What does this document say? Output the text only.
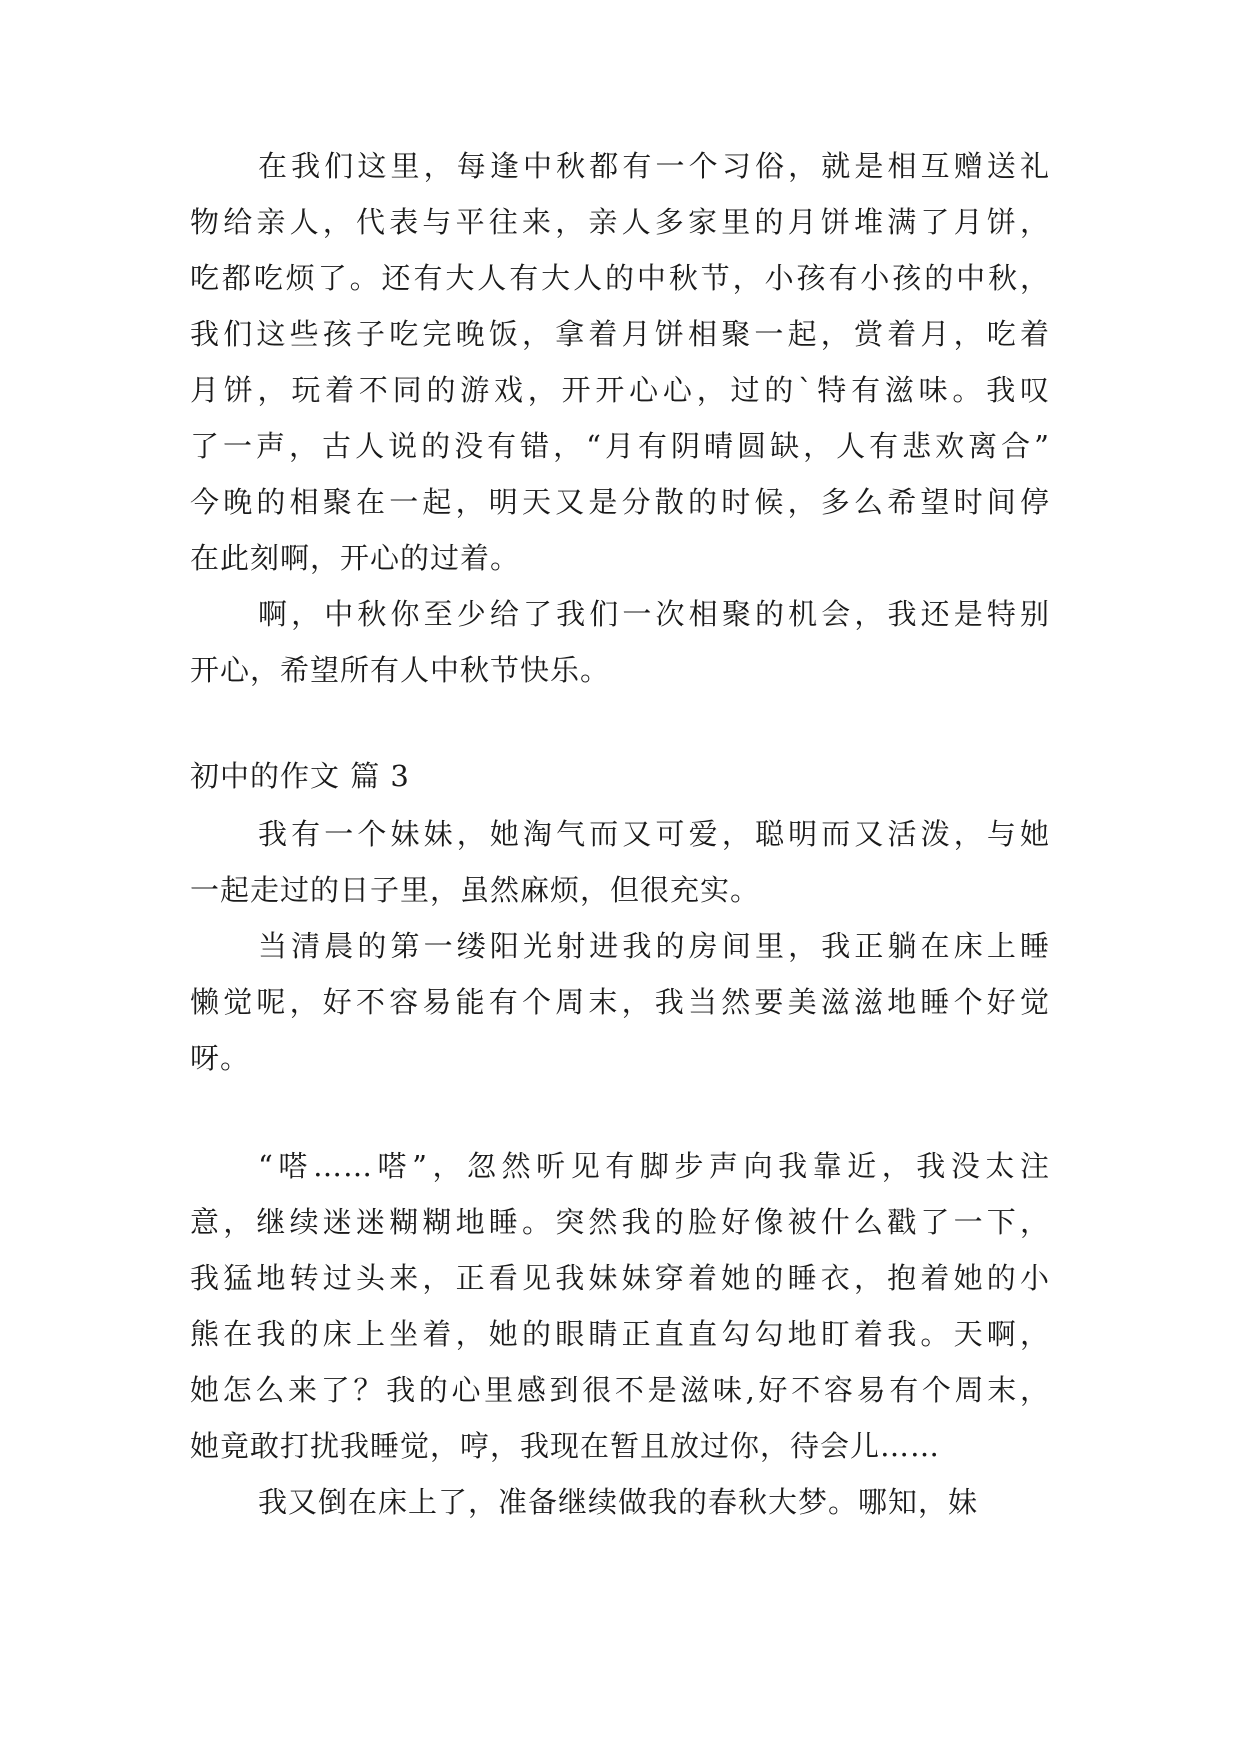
在我们这里，每逢中秋都有一个习俗，就是相互赠送礼
物给亲人，代表与平往来，亲人多家里的月饼堆满了月饼，
吃都吃烦了。还有大人有大人的中秋节，小孩有小孩的中秋，
我们这些孩子吃完晚饭，拿着月饼相聚一起，赏着月，吃着
月饼，玩着不同的游戏，开开心心，过的`特有滋味。我叹
了一声，古人说的没有错，“月有阴晴圆缺，人有悲欢离合”
今晚的相聚在一起，明天又是分散的时候，多么希望时间停
在此刻啊，开心的过着。
啊，中秋你至少给了我们一次相聚的机会，我还是特别
开心，希望所有人中秋节快乐。
初中的作文 篇 3
我有一个妹妹，她淘气而又可爱，聪明而又活泼，与她
一起走过的日子里，虽然麻烦，但很充实。
当清晨的第一缕阳光射进我的房间里，我正躺在床上睡
懒觉呢，好不容易能有个周末，我当然要美滋滋地睡个好觉
呀。
“嗒……嗒”，忽然听见有脚步声向我靠近，我没太注
意，继续迷迷糊糊地睡。突然我的脸好像被什么戳了一下，
我猛地转过头来，正看见我妹妹穿着她的睡衣，抱着她的小
熊在我的床上坐着，她的眼睛正直直勾勾地盯着我。天啊，
她怎么来了？我的心里感到很不是滋味,好不容易有个周末，
她竟敢打扰我睡觉，哼，我现在暂且放过你，待会儿……
我又倒在床上了，准备继续做我的春秋大梦。哪知，妹
